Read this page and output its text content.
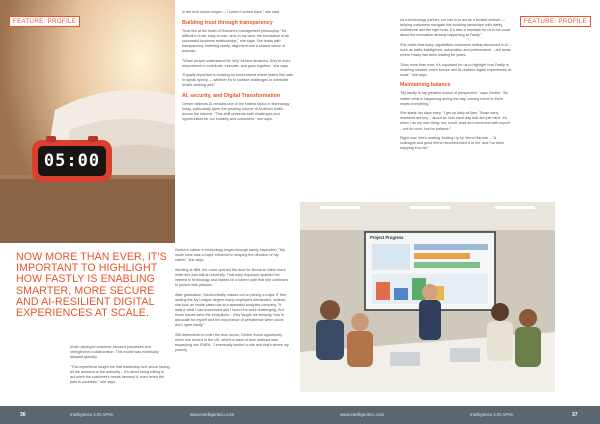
05:00
FEATURE: PROFILE

In the tech sector began — I haven't looked back," she said.

Building trust through transparency

Trust lies at the heart of Sweden's management philosophy. "It's difficult to trust, easy to lose, and, in my view, the foundation of all successful business relationships," she says. She leads with transparency, fostering clarity, alignment and a shared sense of purpose.

"When people understand the 'why' behind decisions, they're more empowered to contribute, innovate, and grow together," she says.

"Equally important is creating an environment where teams feel safe to speak openly — whether it's to surface challenges or celebrate what's working well."

AI, security, and Digital Transformation

Gerber believes AI remains one of the hottest topics in technology today, particularly given the growing volume of AI-driven traffic across the internet. "This shift presents both challenges and opportunities for our industry and customers," she says.

NOW MORE THAN EVER, IT'S IMPORTANT TO HIGHLIGHT HOW FASTLY IS ENABLING SMARTER, MORE SECURE AND AI-RESILIENT DIGITAL EXPERIENCES AT SCALE.

which deployed customer-focused processes and strengthened collaboration. This model was eventually adopted globally.

"This experience taught me that leadership isn't about having all the answers or the authority – it's about being willing to act when the customer's needs demand it, even when the path is uncertain," she says.

Gerber's career in technology began through family inspiration. "My uncle once was a major influence in shaping the direction of my career," she says.

Working at IBM, her uncle opened the door for Nicola to intern there while she was still at university. That early exposure sparked her interest in technology and started on a career path that she continues to pursue with passion.

After graduation, Nicola initially missed out on joining a major IT firm, lacking the Ivy League degree many employers demanded. Instead, she took an inside sales role at a specialist analytics company. "It wasn't what I had envisioned and I found the work challenging. But those issues were the exceptions – they taught me tenacity, how to advocate for myself and the importance of persistence when doors don't open easily."

Still determined to enter the tech sector, Gerber found opportunity when she moved to the UK, where a wave of tech startups was expanding into EMEA. "I eventually landed a role and that's where my journey

36	Intelligence CIO APAC	www.intelligentcio.com
FEATURE: PROFILE

As a technology partner, our role is to act as a trusted adviser — helping customers navigate this evolving landscape with clarity, confidence and the right tools. It's also a mandate for us to be vocal about the innovation already happening at Fastly."

She notes that many capabilities customers widely discussed in AI – such as traffic intelligence, automation and performance – are areas where Fastly has been leading for years.

"Now more than ever, it's important for us to highlight how Fastly is enabling smarter, more secure and AI-resilient digital experiences at scale," she says.

Maintaining balance

"My family is my greatest source of perspective," says Gerber. "No matter what is happening during the day, coming home to them resets everything."

She starts her days early. "I get up daily at 5am. Those early moments are key – about an hour each day that are just mine. It's when I do my own thing: run, scroll, read and reconnect with myself – not for work, but for balance."

Right now, she's reading Scaling Up by Verne Harnish – "A colleague and good friend recommended it to me, and I've been enjoying it so far."

www.intelligentcio.com	Intelligence CIO APAC	37
Project Progress
